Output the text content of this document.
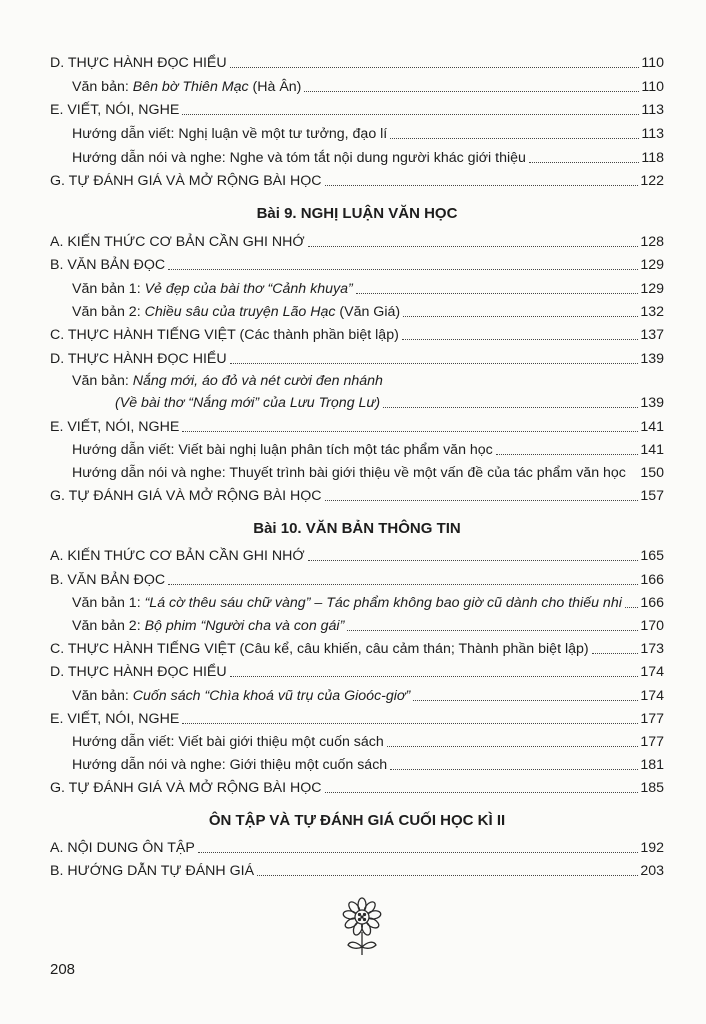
D. THỰC HÀNH ĐỌC HIỂU	110
Văn bản: Bên bờ Thiên Mạc (Hà Ân)	110
E. VIẾT, NÓI, NGHE	113
Hướng dẫn viết: Nghị luận về một tư tưởng, đạo lí	113
Hướng dẫn nói và nghe: Nghe và tóm tắt nội dung người khác giới thiệu	118
G. TỰ ĐÁNH GIÁ VÀ MỞ RỘNG BÀI HỌC	122
A. KIẾN THỨC CƠ BẢN CẦN GHI NHỚ	128
B. VĂN BẢN ĐỌC	129
Văn bản 1: Vẻ đẹp của bài thơ “Cảnh khuya”	129
Văn bản 2: Chiều sâu của truyện Lão Hạc (Văn Giá)	132
C. THỰC HÀNH TIẾNG VIỆT (Các thành phần biệt lập)	137
D. THỰC HÀNH ĐỌC HIỂU	139
Văn bản: Nắng mới, áo đỏ và nét cười đen nhánh
(Về bài thơ “Nắng mới” của Lưu Trọng Lư)	139
E. VIẾT, NÓI, NGHE	141
Hướng dẫn viết: Viết bài nghị luận phân tích một tác phẩm văn học	141
Hướng dẫn nói và nghe: Thuyết trình bài giới thiệu về một vấn đề của tác phẩm văn học 150
G. TỰ ĐÁNH GIÁ VÀ MỞ RỘNG BÀI HỌC	157
A. KIẾN THỨC CƠ BẢN CẦN GHI NHỚ	165
B. VĂN BẢN ĐỌC	166
Văn bản 1: “Lá cờ thêu sáu chữ vàng” – Tác phẩm không bao giờ cũ dành cho thiếu nhi 166
Văn bản 2: Bộ phim “Người cha và con gái”	170
C. THỰC HÀNH TIẾNG VIỆT (Câu kể, câu khiến, câu cảm thán; Thành phần biệt lập)	173
D. THỰC HÀNH ĐỌC HIỂU	174
Văn bản: Cuốn sách “Chìa khoá vũ trụ của Gioóc-giơ”	174
E. VIẾT, NÓI, NGHE	177
Hướng dẫn viết: Viết bài giới thiệu một cuốn sách	177
Hướng dẫn nói và nghe: Giới thiệu một cuốn sách	181
G. TỰ ĐÁNH GIÁ VÀ MỞ RỘNG BÀI HỌC	185
A. NỘI DUNG ÔN TẬP	192
B. HƯỚNG DẪN TỰ ĐÁNH GIÁ	203
Bài 9. NGHỊ LUẬN VĂN HỌC
Bài 10. VĂN BẢN THÔNG TIN
ÔN TẬP VÀ TỰ ĐÁNH GIÁ CUỐI HỌC KÌ II
208
